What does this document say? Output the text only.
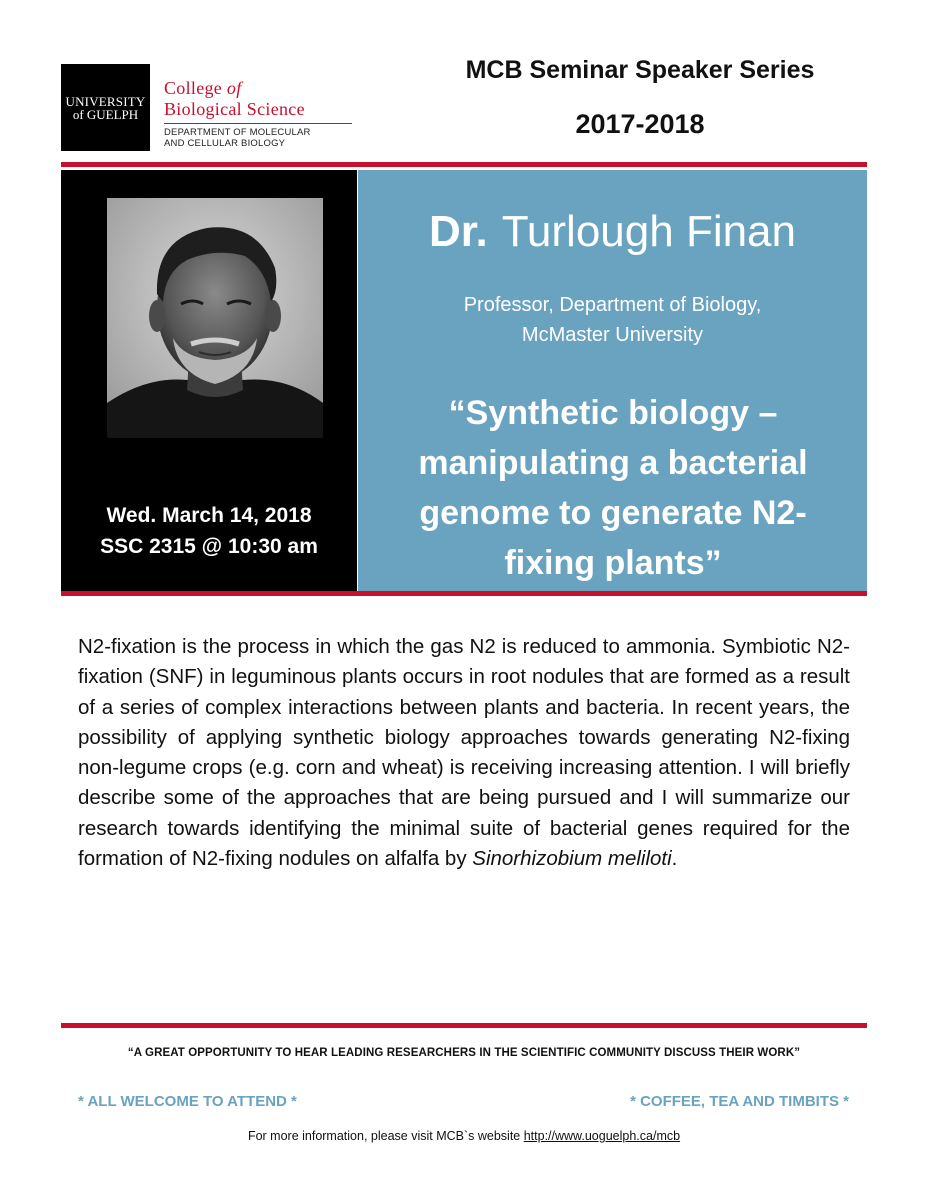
UNIVERSITY
of GUELPH
College of
Biological Science
DEPARTMENT OF MOLECULAR
AND CELLULAR BIOLOGY
MCB Seminar Speaker Series
2017-2018
Wed. March 14, 2018
SSC 2315 @ 10:30 am
Dr. Turlough Finan
Professor, Department of Biology,
McMaster University
“Synthetic biology –
manipulating a bacterial
genome to generate N2-
fixing plants”
N2-fixation is the process in which the gas N2 is reduced to ammonia. Symbiotic N2-fixation (SNF) in leguminous plants occurs in root nodules that are formed as a result of a series of complex interactions between plants and bacteria. In recent years, the possibility of applying synthetic biology approaches towards generating N2-fixing non-legume crops (e.g. corn and wheat) is receiving increasing attention. I will briefly describe some of the approaches that are being pursued and I will summarize our research towards identifying the minimal suite of bacterial genes required for the formation of N2-fixing nodules on alfalfa by Sinorhizobium meliloti.
“A GREAT OPPORTUNITY TO HEAR LEADING RESEARCHERS IN THE SCIENTIFIC COMMUNITY DISCUSS THEIR WORK”
* ALL WELCOME TO ATTEND *	* COFFEE, TEA AND TIMBITS *
For more information, please visit MCB`s website http://www.uoguelph.ca/mcb
